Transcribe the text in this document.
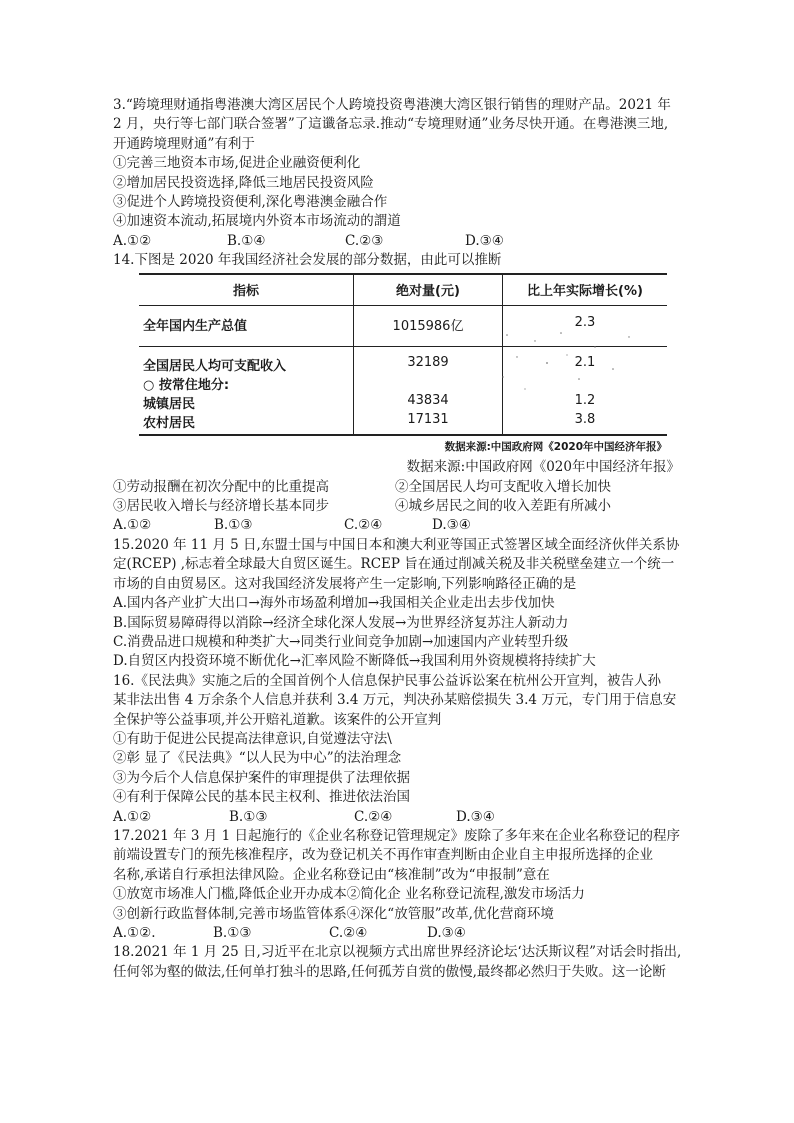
3.“跨境理财通指粤港澳大湾区居民个人跨境投资粤港澳大湾区银行销售的理财产品。2021 年
2 月，央行等七部门联合签署”了這谶备忘录.推动“专境理财通”业务尽快开通。在粤港澳三地,
开通跨境理财通”有利于
①完善三地资本市场,促进企业融资便利化
②增加居民投资选择,降低三地居民投资风险
③促进个人跨境投资便利,深化粤港澳金融合作
④加速资本流动,拓展境内外资本市场流动的謂道
A.①②	B.①④	C.②③	D.③④
14.下图是 2020 年我国经济社会发展的部分数据，由此可以推断
指标	绝对量(元)	比上年实际增长(%)
全年国内生产总值	1015986亿	2.3
全国居民人均可支配收入	32189	2.1
○ 按常住地分:		
城镇居民	43834	1.2
农村居民	17131	3.8
数据来源:中国政府网《2020年中国经济年报》
数据来源:中国政府网《020年中国经济年报》
①劳动报酬在初次分配中的比重提高	②全国居民人均可支配收入增长加快
③居民收入增长与经济增长基本同步	④城乡居民之间的收入差距有所减小
A.①②	B.①③	C.②④	D.③④
15.2020 年 11 月 5 日,东盟士国与中国日本和澳大利亚等国正式签署区域全面经济伙伴关系协
定(RCEP) ,标志着全球最大自贸区诞生。RCEP 旨在通过削减关税及非关税壁垒建立一个统一
市场的自由贸易区。这对我国经济发展将产生一定影响,下列影响路径正确的是
A.国内各产业扩大出口→海外市场盈利增加→我国相关企业走出去步伐加快
B.国际贸易障碍得以消除→经济全球化深人发展→为世界经济复苏注人新动力
C.消费品进口规模和种类扩大→同类行业间竞争加剧→加速国内产业转型升级
D.自贸区内投资环境不断优化→汇率风险不断降低→我国利用外资规模将持续扩大
16.《民法典》实施之后的全国首例个人信息保护民事公益诉讼案在杭州公开宣判，被告人孙
某非法出售 4 万余条个人信息并获利 3.4 万元，判决孙某赔偿损失 3.4 万元，专门用于信息安
全保护等公益事项,并公开赔礼道歉。该案件的公开宣判
①有助于促进公民提高法律意识,自觉遵法守法\
②彰 显了《民法典》“以人民为中心”的法治理念
③为今后个人信息保护案件的审理提供了法理依据
④有利于保障公民的基本民主权利、推进依法治国
A.①②	B.①③	C.②④	D.③④
17.2021 年 3 月 1 日起施行的《企业名称登记管理规定》废除了多年来在企业名称登记的程序
前端设置专门的预先核准程序，改为登记机关不再作审查判断由企业自主申报所选择的企业
名称,承诺自行承担法律风险。企业名称登记由“核准制”改为“申报制”意在
①放宽市场准人门槛,降低企业开办成本②简化企 业名称登记流程,激发市场活力
③创新行政监督体制,完善市场监管体系④深化“放管服”改革,优化营商环境
A.①②.	B.①③	C.②④	D.③④
18.2021 年 1 月 25 日,习近平在北京以视频方式出席世界经济论坛‘达沃斯议程”对话会时指出,
任何邻为壑的做法,任何单打独斗的思路,任何孤芳自赏的傲慢,最终都必然归于失败。这一论断
